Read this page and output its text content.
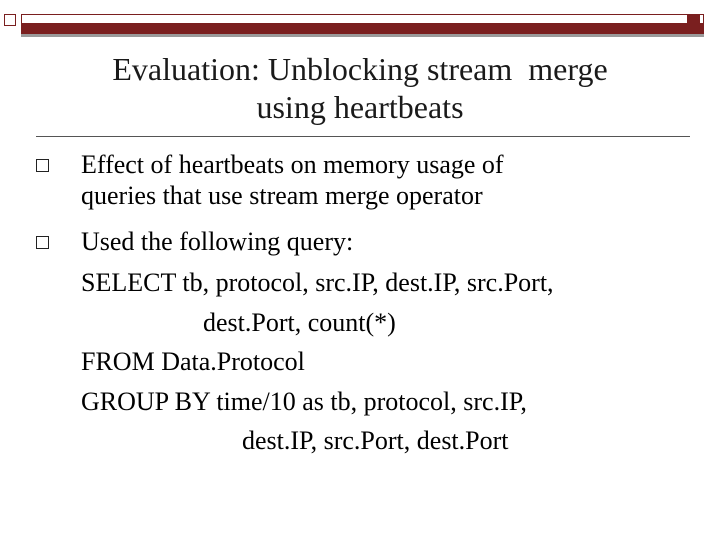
Evaluation: Unblocking stream  merge
using heartbeats
Effect of heartbeats on memory usage of
queries that use stream merge operator
Used the following query:
SELECT tb, protocol, src.IP, dest.IP, src.Port,
dest.Port, count(*)
FROM Data.Protocol
GROUP BY time/10 as tb, protocol, src.IP,
dest.IP, src.Port, dest.Port
